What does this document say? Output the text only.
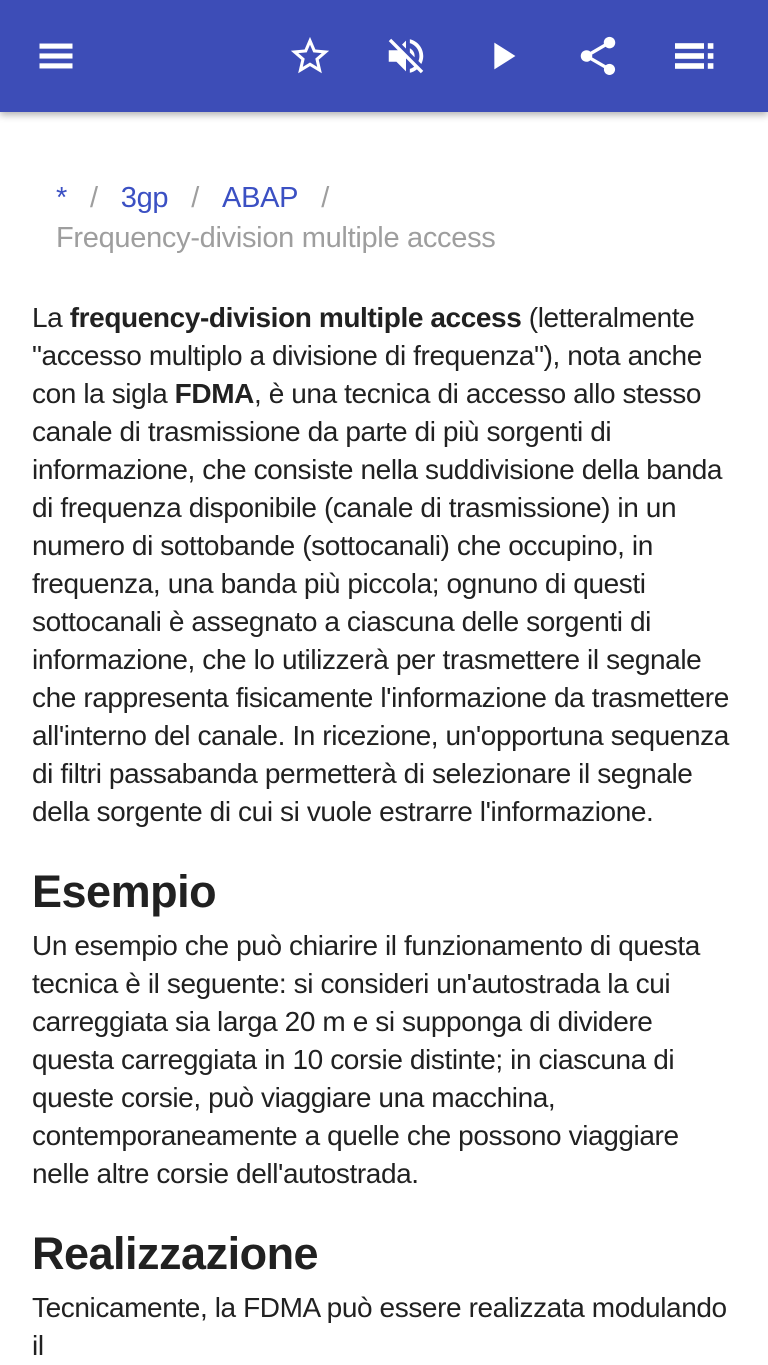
* / 3gp / ABAP /
Frequency-division multiple access

La frequency-division multiple access (letteralmente "accesso multiplo a divisione di frequenza"), nota anche con la sigla FDMA, è una tecnica di accesso allo stesso canale di trasmissione da parte di più sorgenti di informazione, che consiste nella suddivisione della banda di frequenza disponibile (canale di trasmissione) in un numero di sottobande (sottocanali) che occupino, in frequenza, una banda più piccola; ognuno di questi sottocanali è assegnato a ciascuna delle sorgenti di informazione, che lo utilizzerà per trasmettere il segnale che rappresenta fisicamente l'informazione da trasmettere all'interno del canale. In ricezione, un'opportuna sequenza di filtri passabanda permetterà di selezionare il segnale della sorgente di cui si vuole estrarre l'informazione.

Esempio

Un esempio che può chiarire il funzionamento di questa tecnica è il seguente: si consideri un'autostrada la cui carreggiata sia larga 20 m e si supponga di dividere questa carreggiata in 10 corsie distinte; in ciascuna di queste corsie, può viaggiare una macchina, contemporaneamente a quelle che possono viaggiare nelle altre corsie dell'autostrada.

Realizzazione

Tecnicamente, la FDMA può essere realizzata modulando il
